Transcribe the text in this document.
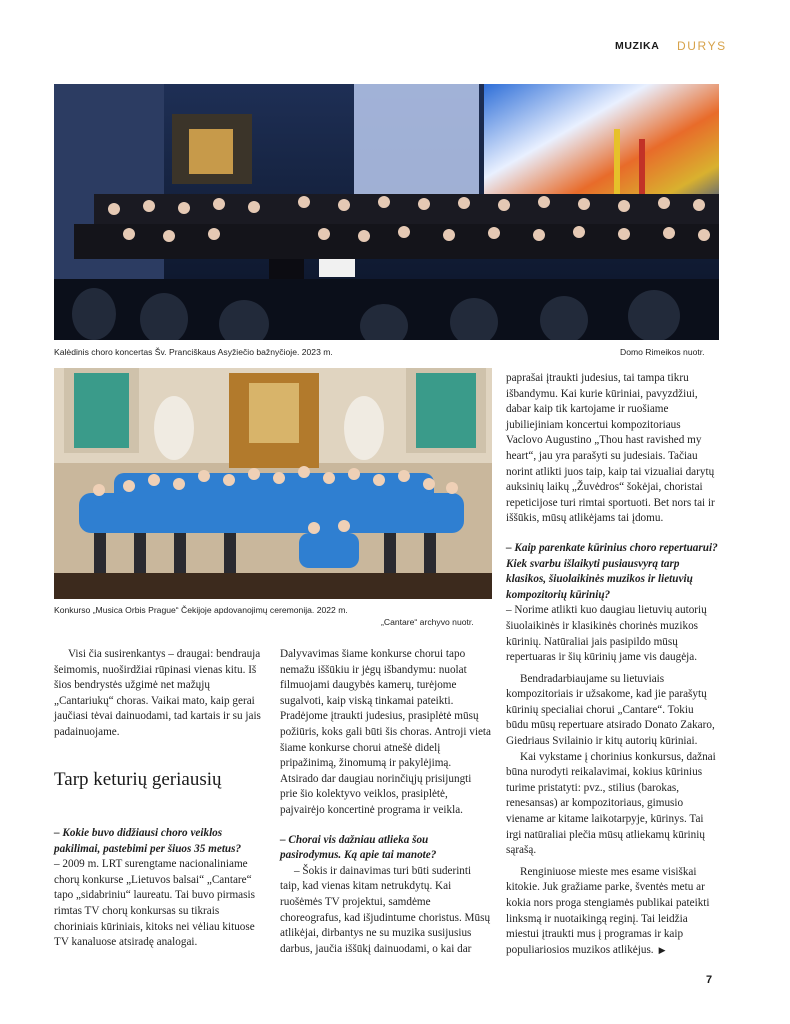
MUZIKA DURYS
Kalėdinis choro koncertas Šv. Pranciškaus Asyžiečio bažnyčioje. 2023 m.	Domo Rimeikos nuotr.
Konkurso „Musica Orbis Prague“ Čekijoje apdovanojimų ceremonija. 2022 m.
„Cantare“ archyvo nuotr.

Visi čia susirenkantys – draugai: bendrauja šeimomis, nuoširdžiai rūpinasi vienas kitu. Iš šios bendrystės užgimė net mažųjų „Cantariukų“ choras. Vaikai mato, kaip gerai jaučiasi tėvai dainuodami, tad kartais ir su jais padainuojame.

Tarp keturių geriausių

– Kokie buvo didžiausi choro veiklos pakilimai, pastebimi per šiuos 35 metus?

– 2009 m. LRT surengtame nacionaliniame chorų konkurse „Lietuvos balsai“ „Cantare“ tapo „sidabriniu“ laureatu. Tai buvo pirmasis rimtas TV chorų konkursas su tikrais choriniais kūriniais, kitoks nei vėliau kituose TV kanaluose atsiradę analogai.

Dalyvavimas šiame konkurse chorui tapo nemažu iššūkiu ir jėgų išbandymu: nuolat filmuojami daugybės kamerų, turėjome sugalvoti, kaip viską tinkamai pateikti. Pradėjome įtraukti judesius, prasiplėtė mūsų požiūris, koks gali būti šis choras. Antroji vieta šiame konkurse chorui atnešė didelį pripažinimą, žinomumą ir pakylėjimą. Atsirado dar daugiau norinčiųjų prisijungti prie šio kolektyvo veiklos, prasiplėtė, pajvairėjo koncertinė programa ir veikla.

– Chorai vis dažniau atlieka šou pasirodymus. Ką apie tai manote?

– Šokis ir dainavimas turi būti suderinti taip, kad vienas kitam netrukdytų. Kai ruošėmės TV projektui, samdėme choreografus, kad išjudintume choristus. Mūsų atlikėjai, dirbantys ne su muzika susijusius darbus, jaučia iššūkį dainuodami, o kai dar

paprašai įtraukti judesius, tai tampa tikru išbandymu. Kai kurie kūriniai, pavyzdžiui, dabar kaip tik kartojame ir ruošiame jubiliejiniam koncertui kompozitoriaus Vaclovo Augustino „Thou hast ravished my heart“, jau yra parašyti su judesiais. Tačiau norint atlikti juos taip, kaip tai vizualiai darytų auksinių laikų „Žuvėdros“ šokėjai, choristai repeticijose turi rimtai sportuoti. Bet nors tai ir iššūkis, mūsų atlikėjams tai įdomu.

– Kaip parenkate kūrinius choro repertuarui? Kiek svarbu išlaikyti pusiausvyrą tarp klasikos, šiuolaikinės muzikos ir lietuvių kompozitorių kūrinių?

– Norime atlikti kuo daugiau lietuvių autorių šiuolaikinės ir klasikinės chorinės muzikos kūrinių. Natūraliai jais pasipildo mūsų repertuaras ir šių kūrinių jame vis daugėja.

Bendradarbiaujame su lietuviais kompozitoriais ir užsakome, kad jie parašytų kūrinių specialiai chorui „Cantare“. Tokiu būdu mūsų repertuare atsirado Donato Zakaro, Giedriaus Svilainio ir kitų autorių kūriniai.

Kai vykstame į chorinius konkursus, dažnai būna nurodyti reikalavimai, kokius kūrinius turime pristatyti: pvz., stilius (barokas, renesansas) ar kompozitoriaus, gimusio viename ar kitame laikotarpyje, kūrinys. Tai irgi natūraliai plečia mūsų atliekamų kūrinių sąrašą.

Renginiuose mieste mes esame visiškai kitokie. Juk gražiame parke, šventės metu ar kokia nors proga stengiamės publikai pateikti linksmą ir nuotaikingą reginį. Tai leidžia miestui įtraukti mus į programas ir kaip populiariosios muzikos atlikėjus. ▶

7
